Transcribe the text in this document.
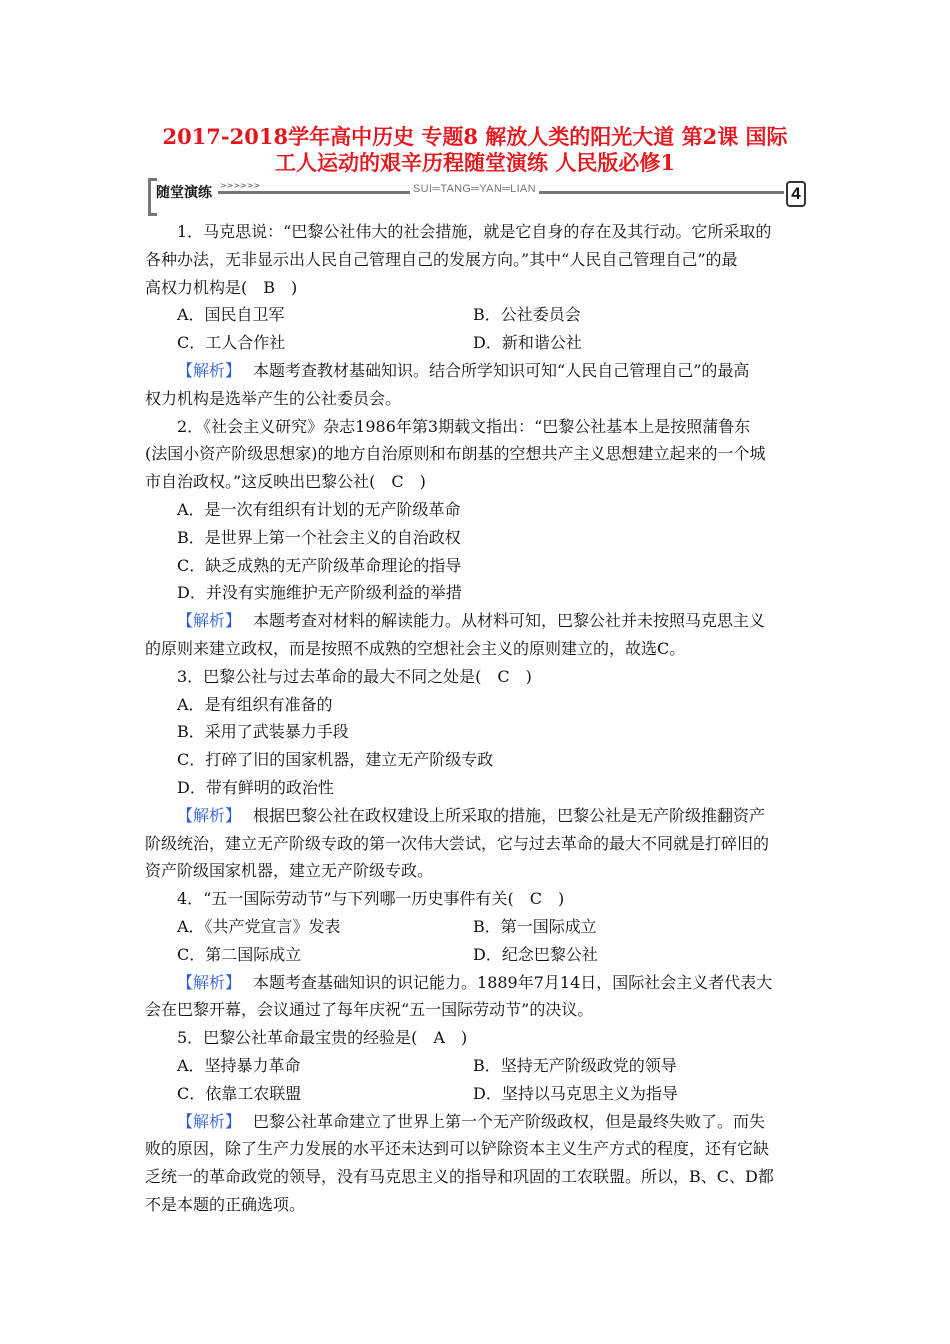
2017-2018学年高中历史 专题8 解放人类的阳光大道 第2课 国际
工人运动的艰辛历程随堂演练 人民版必修1
随堂演练 >>>>>>	SUI═TANG═YAN═LIAN	4
1．马克思说：“巴黎公社伟大的社会措施，就是它自身的存在及其行动。它所采取的
各种办法，无非显示出人民自己管理自己的发展方向。”其中“人民自己管理自己”的最
高权力机构是(　B　)
A．国民自卫军	B．公社委员会
C．工人合作社	D．新和谐公社
【解析】 本题考查教材基础知识。结合所学知识可知“人民自己管理自己”的最高
权力机构是选举产生的公社委员会。
2．《社会主义研究》杂志1986年第3期载文指出：“巴黎公社基本上是按照蒲鲁东
(法国小资产阶级思想家)的地方自治原则和布朗基的空想共产主义思想建立起来的一个城
市自治政权。”这反映出巴黎公社(　C　)
A．是一次有组织有计划的无产阶级革命
B．是世界上第一个社会主义的自治政权
C．缺乏成熟的无产阶级革命理论的指导
D．并没有实施维护无产阶级利益的举措
【解析】 本题考查对材料的解读能力。从材料可知，巴黎公社并未按照马克思主义
的原则来建立政权，而是按照不成熟的空想社会主义的原则建立的，故选C。
3．巴黎公社与过去革命的最大不同之处是(　C　)
A．是有组织有准备的
B．采用了武装暴力手段
C．打碎了旧的国家机器，建立无产阶级专政
D．带有鲜明的政治性
【解析】 根据巴黎公社在政权建设上所采取的措施，巴黎公社是无产阶级推翻资产
阶级统治，建立无产阶级专政的第一次伟大尝试，它与过去革命的最大不同就是打碎旧的
资产阶级国家机器，建立无产阶级专政。
4．“五一国际劳动节”与下列哪一历史事件有关(　C　)
A．《共产党宣言》发表	B．第一国际成立
C．第二国际成立	D．纪念巴黎公社
【解析】 本题考查基础知识的识记能力。1889年7月14日，国际社会主义者代表大
会在巴黎开幕，会议通过了每年庆祝“五一国际劳动节”的决议。
5．巴黎公社革命最宝贵的经验是(　A　)
A．坚持暴力革命	B．坚持无产阶级政党的领导
C．依靠工农联盟	D．坚持以马克思主义为指导
【解析】 巴黎公社革命建立了世界上第一个无产阶级政权，但是最终失败了。而失
败的原因，除了生产力发展的水平还未达到可以铲除资本主义生产方式的程度，还有它缺
乏统一的革命政党的领导，没有马克思主义的指导和巩固的工农联盟。所以，B、C、D都
不是本题的正确选项。
